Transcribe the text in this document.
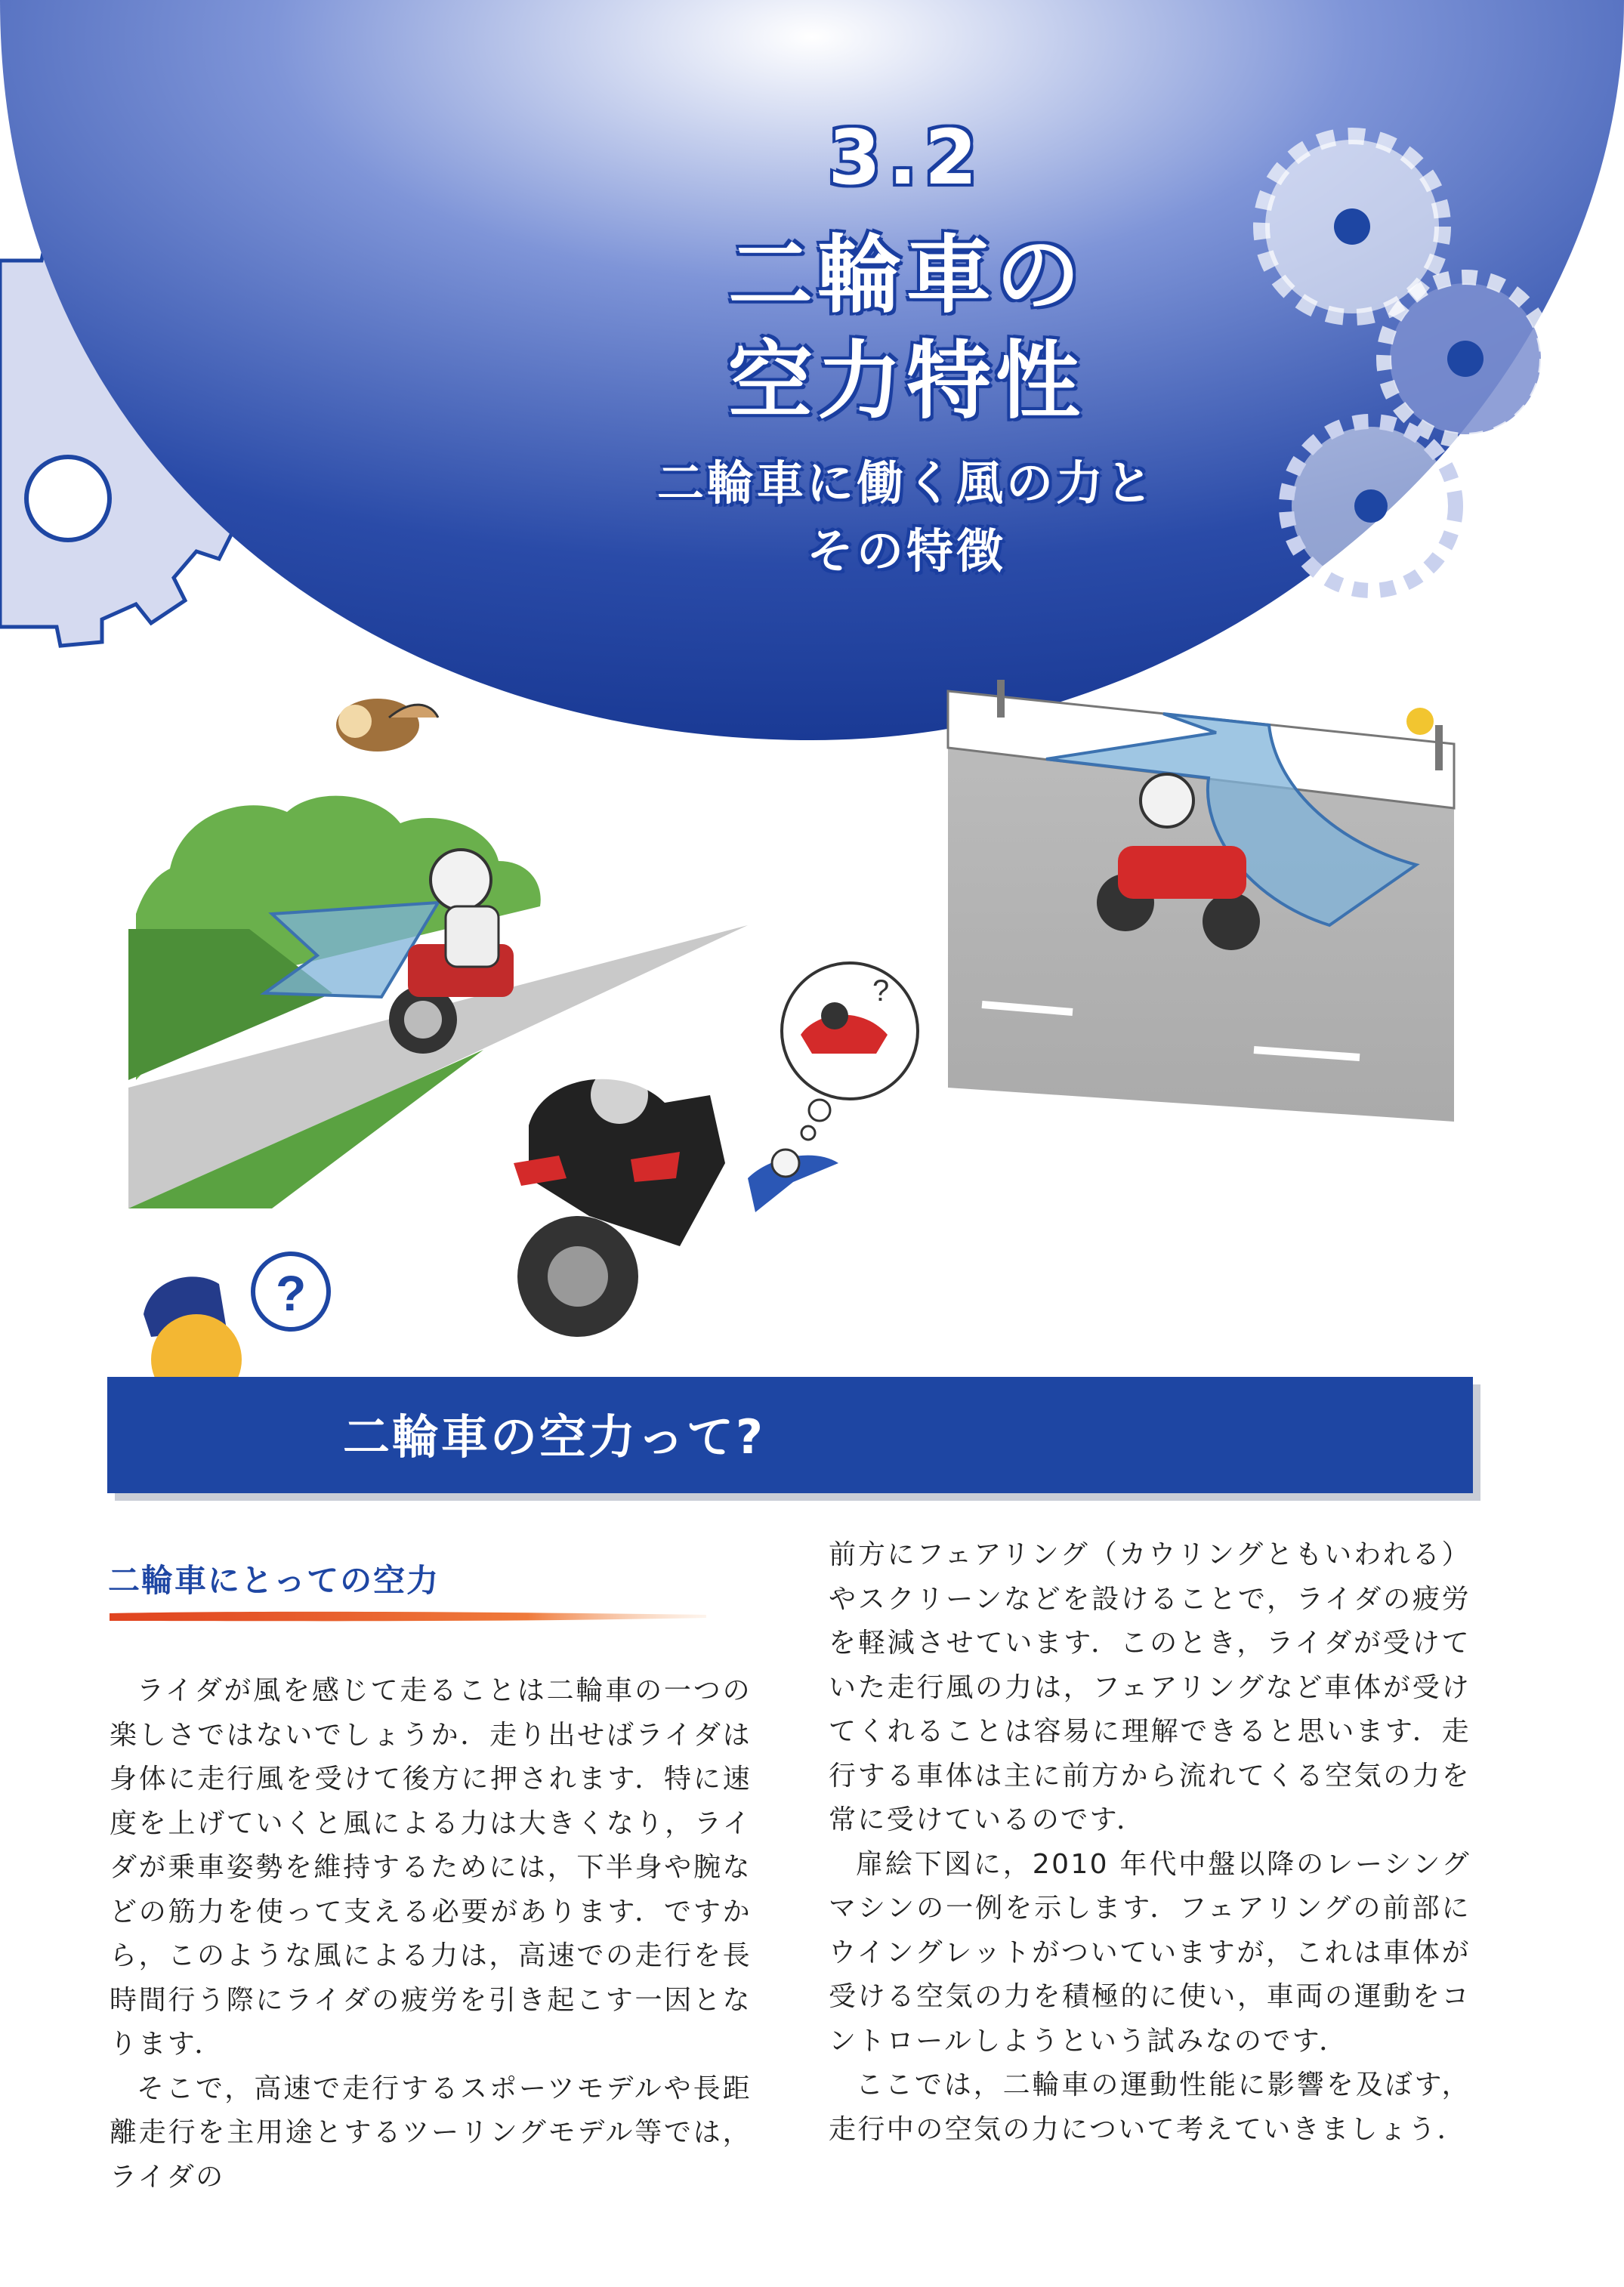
?
?
3.2
二輪車の
空力特性
二輪車に働く風の力と
その特徴
二輪車の空力って?
二輪車にとっての空力

ライダが風を感じて走ることは二輪車の一つの楽しさではないでしょうか．走り出せばライダは身体に走行風を受けて後方に押されます．特に速度を上げていくと風による力は大きくなり，ライダが乗車姿勢を維持するためには，下半身や腕などの筋力を使って支える必要があります．ですから，このような風による力は，高速での走行を長時間行う際にライダの疲労を引き起こす一因となります．

そこで，高速で走行するスポーツモデルや長距離走行を主用途とするツーリングモデル等では，ライダの

前方にフェアリング（カウリングともいわれる）やスクリーンなどを設けることで，ライダの疲労を軽減させています．このとき，ライダが受けていた走行風の力は，フェアリングなど車体が受けてくれることは容易に理解できると思います．走行する車体は主に前方から流れてくる空気の力を常に受けているのです．

扉絵下図に，2010 年代中盤以降のレーシングマシンの一例を示します．フェアリングの前部にウイングレットがついていますが，これは車体が受ける空気の力を積極的に使い，車両の運動をコントロールしようという試みなのです．

ここでは，二輪車の運動性能に影響を及ぼす，走行中の空気の力について考えていきましょう．
